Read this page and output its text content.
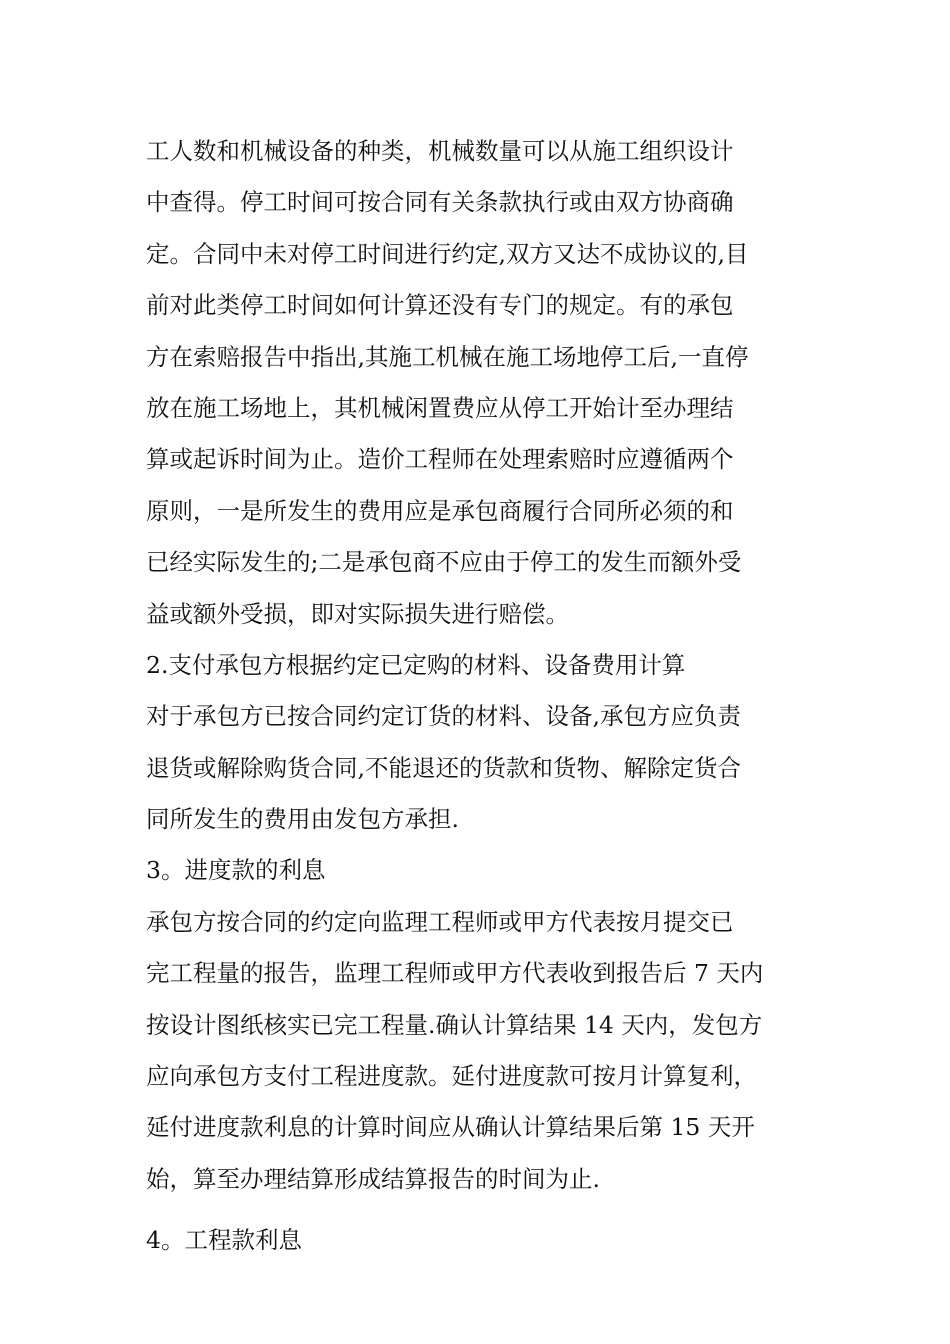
工人数和机械设备的种类，机械数量可以从施工组织设计
中查得。停工时间可按合同有关条款执行或由双方协商确
定。合同中未对停工时间进行约定,双方又达不成协议的,目
前对此类停工时间如何计算还没有专门的规定。有的承包
方在索赔报告中指出,其施工机械在施工场地停工后,一直停
放在施工场地上，其机械闲置费应从停工开始计至办理结
算或起诉时间为止。造价工程师在处理索赔时应遵循两个
原则，一是所发生的费用应是承包商履行合同所必须的和
已经实际发生的;二是承包商不应由于停工的发生而额外受
益或额外受损，即对实际损失进行赔偿。
2.支付承包方根据约定已定购的材料、设备费用计算
对于承包方已按合同约定订货的材料、设备,承包方应负责
退货或解除购货合同,不能退还的货款和货物、解除定货合
同所发生的费用由发包方承担.
3。进度款的利息
承包方按合同的约定向监理工程师或甲方代表按月提交已
完工程量的报告，监理工程师或甲方代表收到报告后 7 天内
按设计图纸核实已完工程量.确认计算结果 14 天内，发包方
应向承包方支付工程进度款。延付进度款可按月计算复利，
延付进度款利息的计算时间应从确认计算结果后第 15 天开
始，算至办理结算形成结算报告的时间为止.
4。工程款利息
